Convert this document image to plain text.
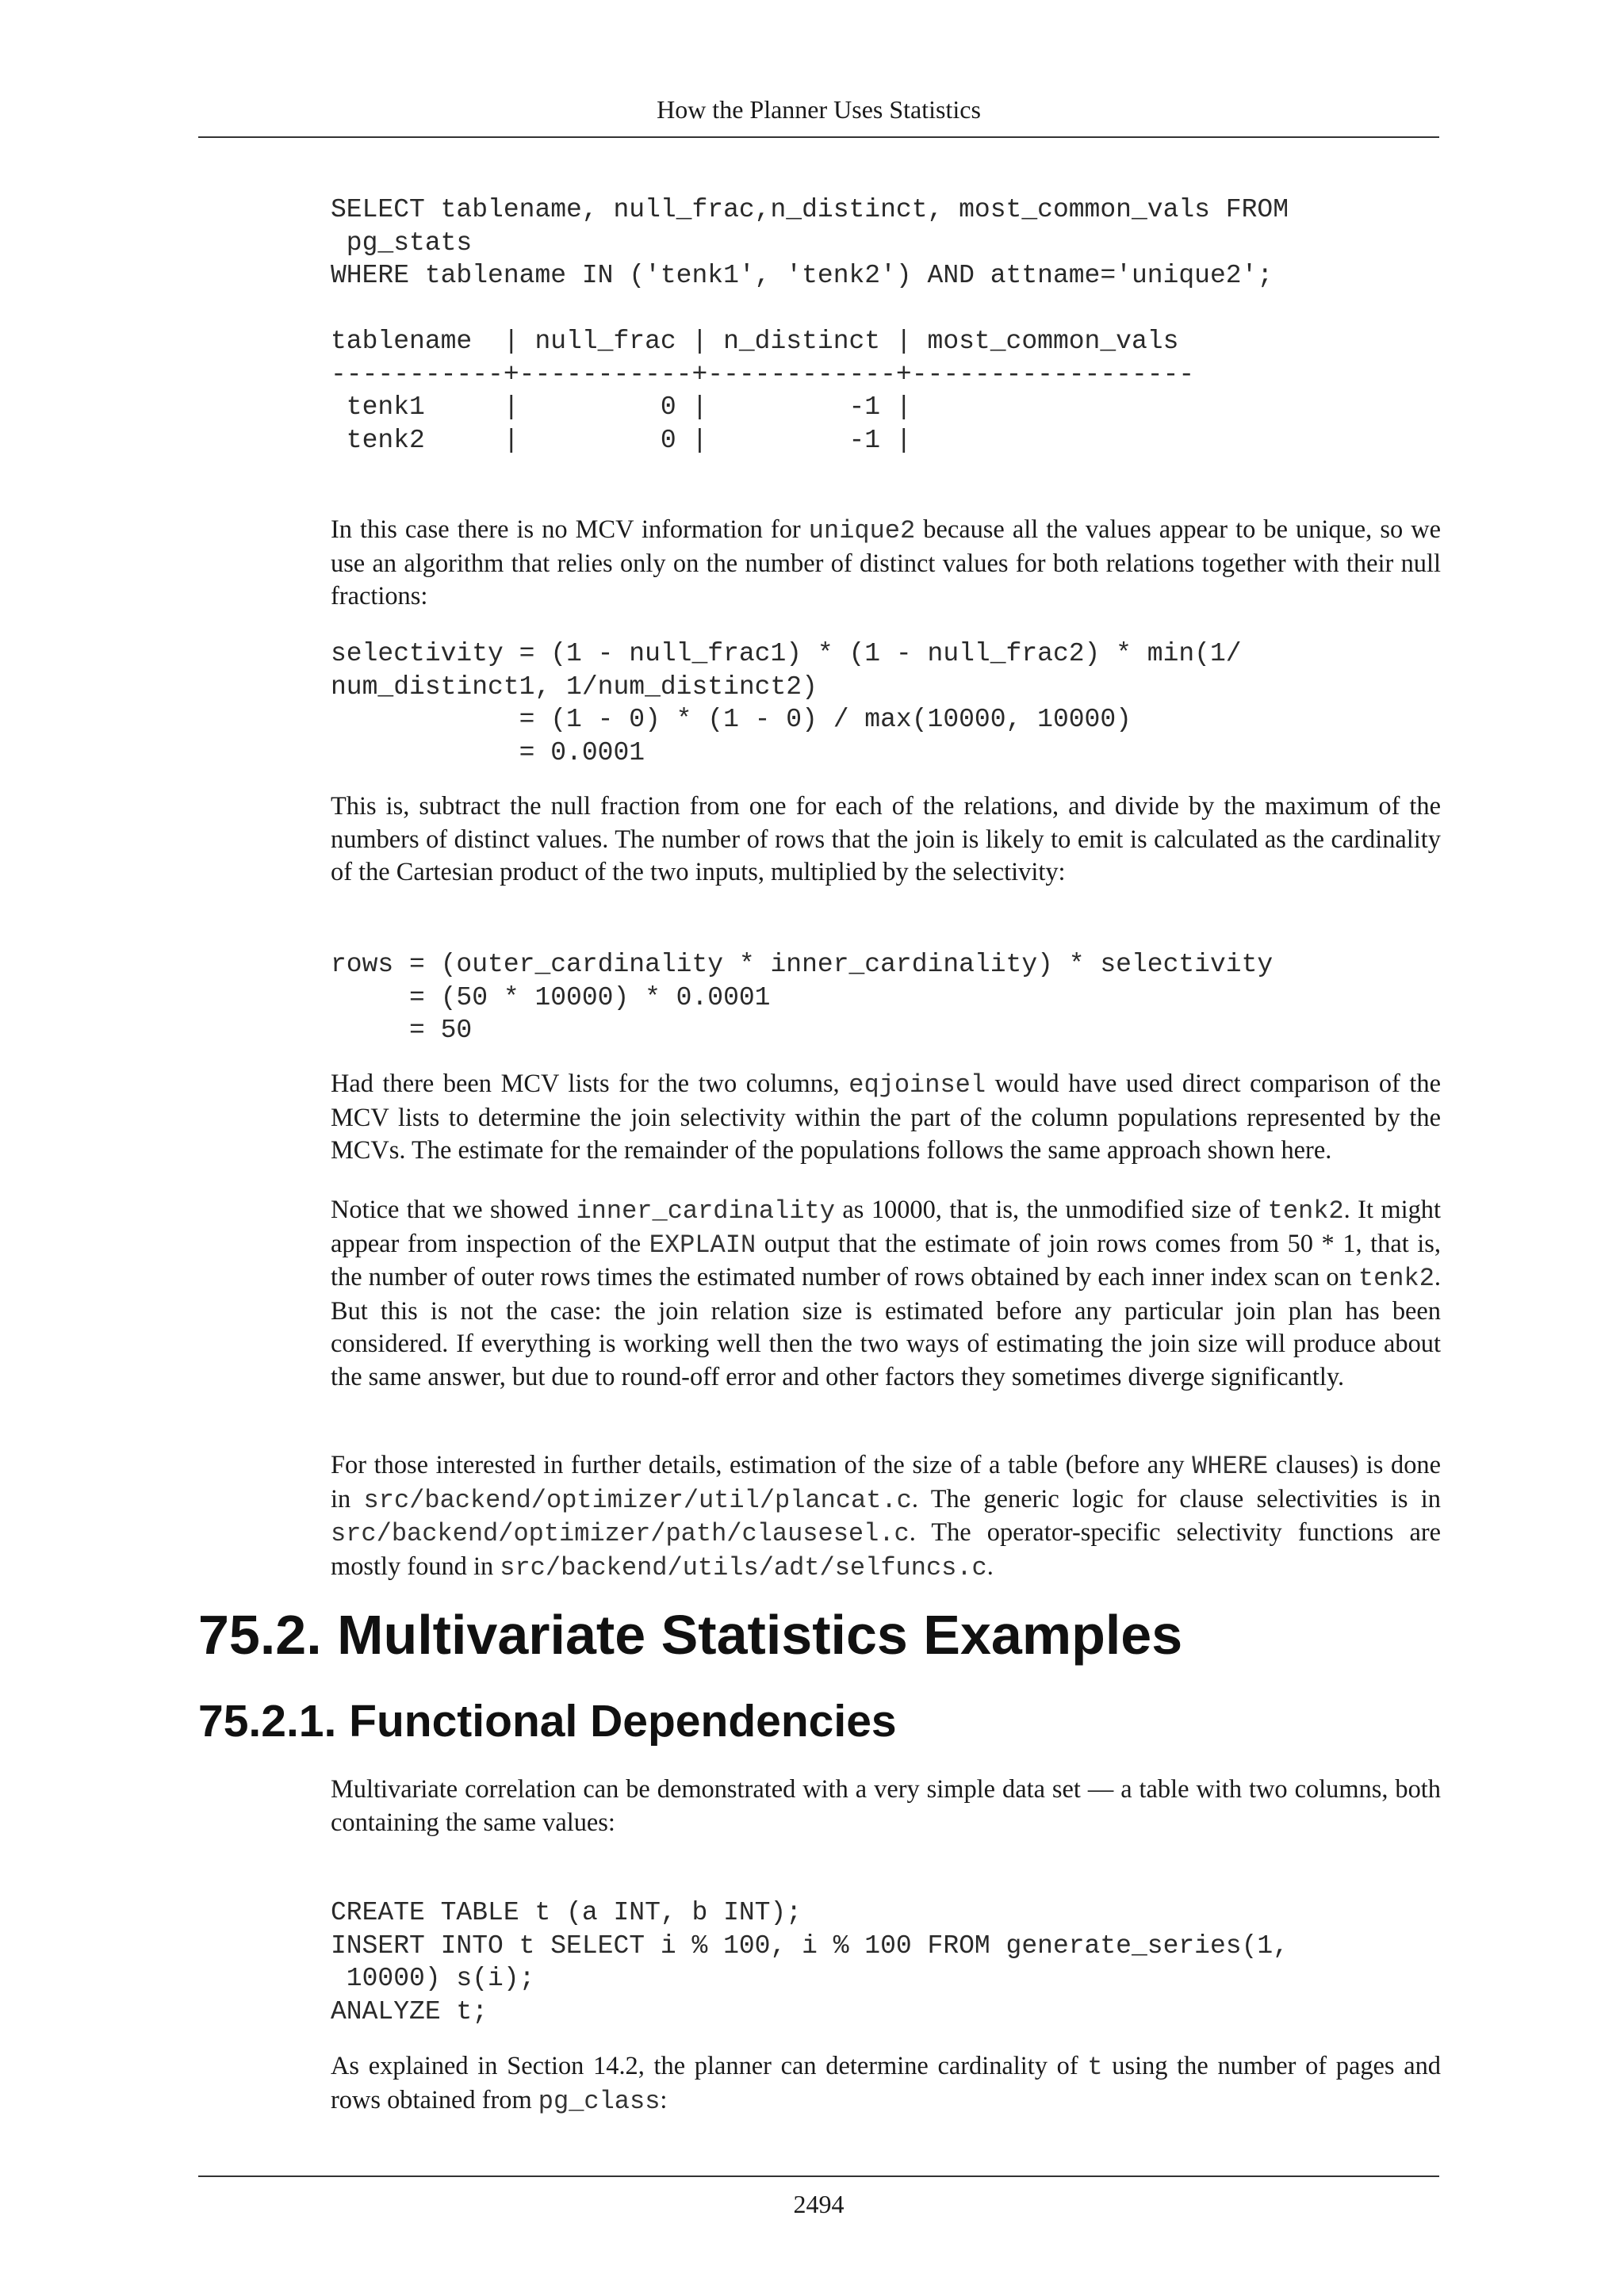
How the Planner Uses Statistics
SELECT tablename, null_frac,n_distinct, most_common_vals FROM
pg_stats
WHERE tablename IN ('tenk1', 'tenk2') AND attname='unique2';

tablename  | null_frac | n_distinct | most_common_vals
-----------+-----------+------------+------------------
tenk1     |         0 |         -1 |
tenk2     |         0 |         -1 |

In this case there is no MCV information for unique2 because all the values appear to be unique, so we use an algorithm that relies only on the number of distinct values for both relations together with their null fractions:

selectivity = (1 - null_frac1) * (1 - null_frac2) * min(1/
num_distinct1, 1/num_distinct2)
= (1 - 0) * (1 - 0) / max(10000, 10000)
= 0.0001

This is, subtract the null fraction from one for each of the relations, and divide by the maximum of the numbers of distinct values. The number of rows that the join is likely to emit is calculated as the cardinality of the Cartesian product of the two inputs, multiplied by the selectivity:

rows = (outer_cardinality * inner_cardinality) * selectivity
= (50 * 10000) * 0.0001
= 50

Had there been MCV lists for the two columns, eqjoinsel would have used direct comparison of the MCV lists to determine the join selectivity within the part of the column populations represented by the MCVs. The estimate for the remainder of the populations follows the same approach shown here.

Notice that we showed inner_cardinality as 10000, that is, the unmodified size of tenk2. It might appear from inspection of the EXPLAIN output that the estimate of join rows comes from 50 * 1, that is, the number of outer rows times the estimated number of rows obtained by each inner index scan on tenk2. But this is not the case: the join relation size is estimated before any particular join plan has been considered. If everything is working well then the two ways of estimating the join size will produce about the same answer, but due to round-off error and other factors they sometimes diverge significantly.

For those interested in further details, estimation of the size of a table (before any WHERE clauses) is done in src/backend/optimizer/util/plancat.c. The generic logic for clause selectivities is in src/backend/optimizer/path/clausesel.c. The operator-specific selectivity functions are mostly found in src/backend/utils/adt/selfuncs.c.

75.2. Multivariate Statistics Examples
75.2.1. Functional Dependencies

Multivariate correlation can be demonstrated with a very simple data set — a table with two columns, both containing the same values:

CREATE TABLE t (a INT, b INT);
INSERT INTO t SELECT i % 100, i % 100 FROM generate_series(1,
10000) s(i);
ANALYZE t;

As explained in Section 14.2, the planner can determine cardinality of t using the number of pages and rows obtained from pg_class:

2494
